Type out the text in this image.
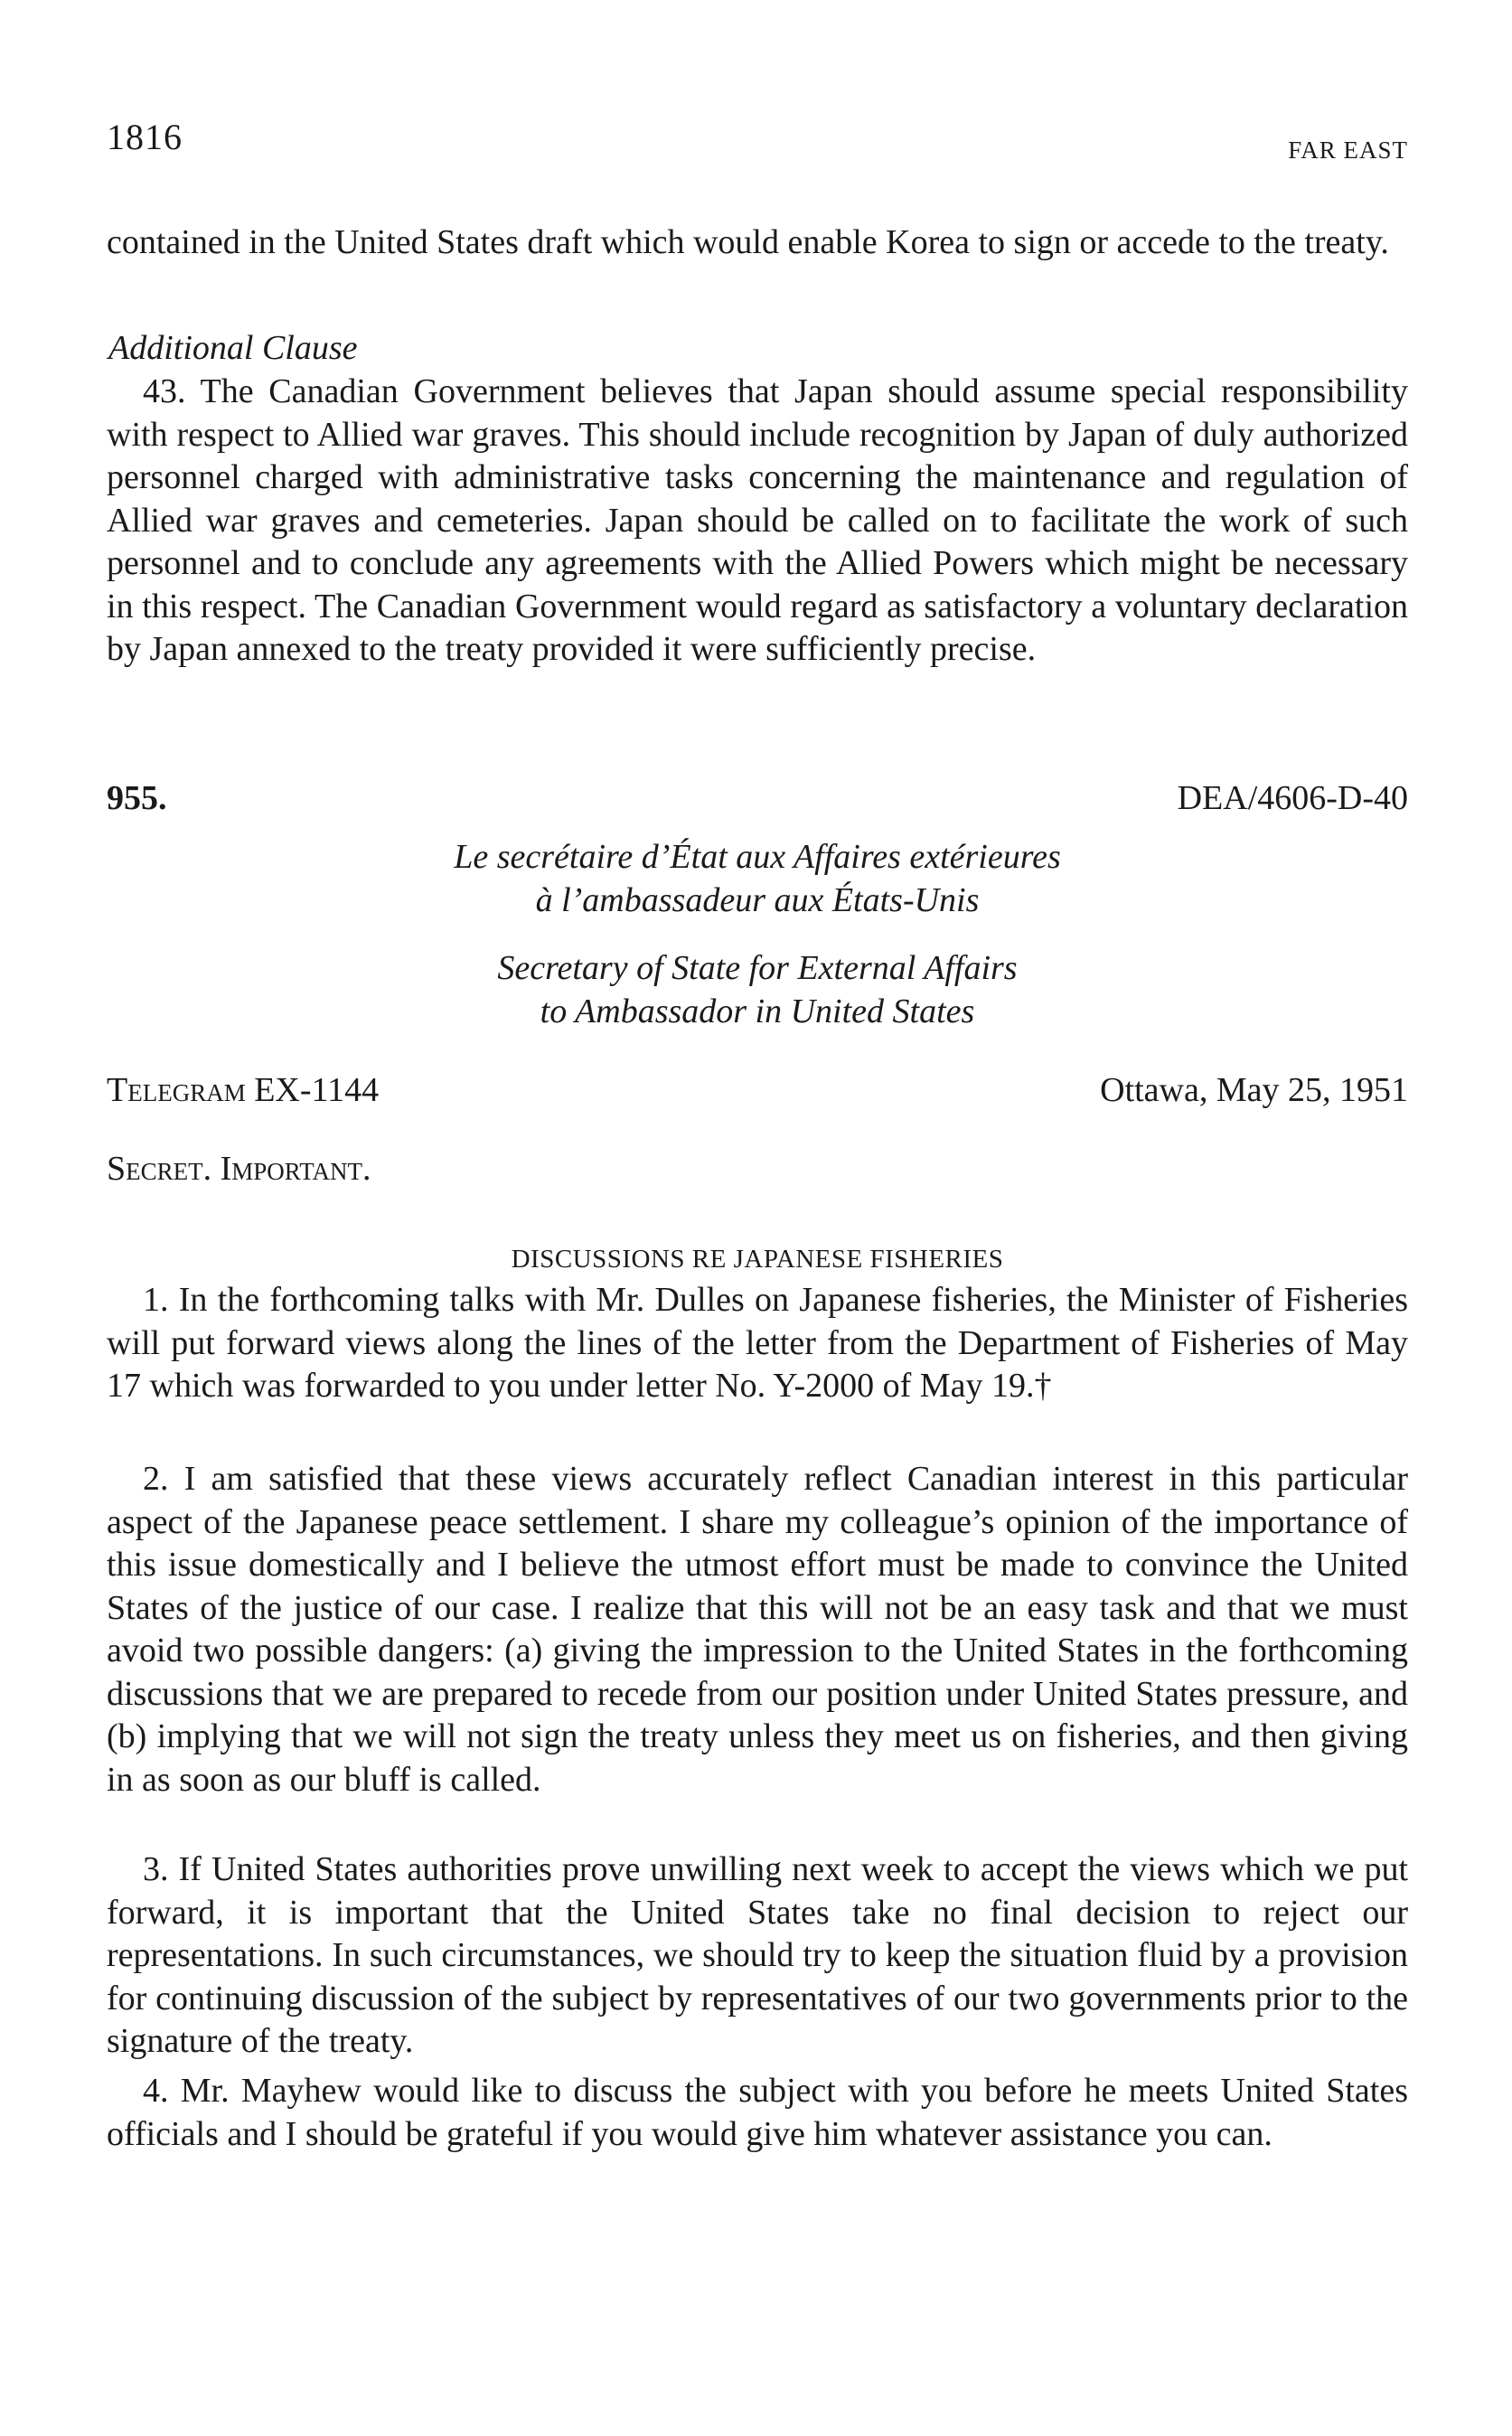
1816	FAR EAST

contained in the United States draft which would enable Korea to sign or accede to the treaty.

Additional Clause

43. The Canadian Government believes that Japan should assume special responsibility with respect to Allied war graves. This should include recognition by Japan of duly authorized personnel charged with administrative tasks concerning the maintenance and regulation of Allied war graves and cemeteries. Japan should be called on to facilitate the work of such personnel and to conclude any agreements with the Allied Powers which might be necessary in this respect. The Canadian Government would regard as satisfactory a voluntary declaration by Japan annexed to the treaty provided it were sufficiently precise.

955.	DEA/4606-D-40
Le secrétaire d’État aux Affaires extérieures
à l’ambassadeur aux États-Unis
Secretary of State for External Affairs
to Ambassador in United States
Telegram EX-1144	Ottawa, May 25, 1951
Secret. Important.
DISCUSSIONS RE JAPANESE FISHERIES

1. In the forthcoming talks with Mr. Dulles on Japanese fisheries, the Minister of Fisheries will put forward views along the lines of the letter from the Department of Fisheries of May 17 which was forwarded to you under letter No. Y-2000 of May 19.†

2. I am satisfied that these views accurately reflect Canadian interest in this particular aspect of the Japanese peace settlement. I share my colleague’s opinion of the importance of this issue domestically and I believe the utmost effort must be made to convince the United States of the justice of our case. I realize that this will not be an easy task and that we must avoid two possible dangers: (a) giving the impression to the United States in the forthcoming discussions that we are prepared to recede from our position under United States pressure, and (b) implying that we will not sign the treaty unless they meet us on fisheries, and then giving in as soon as our bluff is called.

3. If United States authorities prove unwilling next week to accept the views which we put forward, it is important that the United States take no final decision to reject our representations. In such circumstances, we should try to keep the situation fluid by a provision for continuing discussion of the subject by representatives of our two governments prior to the signature of the treaty.

4. Mr. Mayhew would like to discuss the subject with you before he meets United States officials and I should be grateful if you would give him whatever assistance you can.
